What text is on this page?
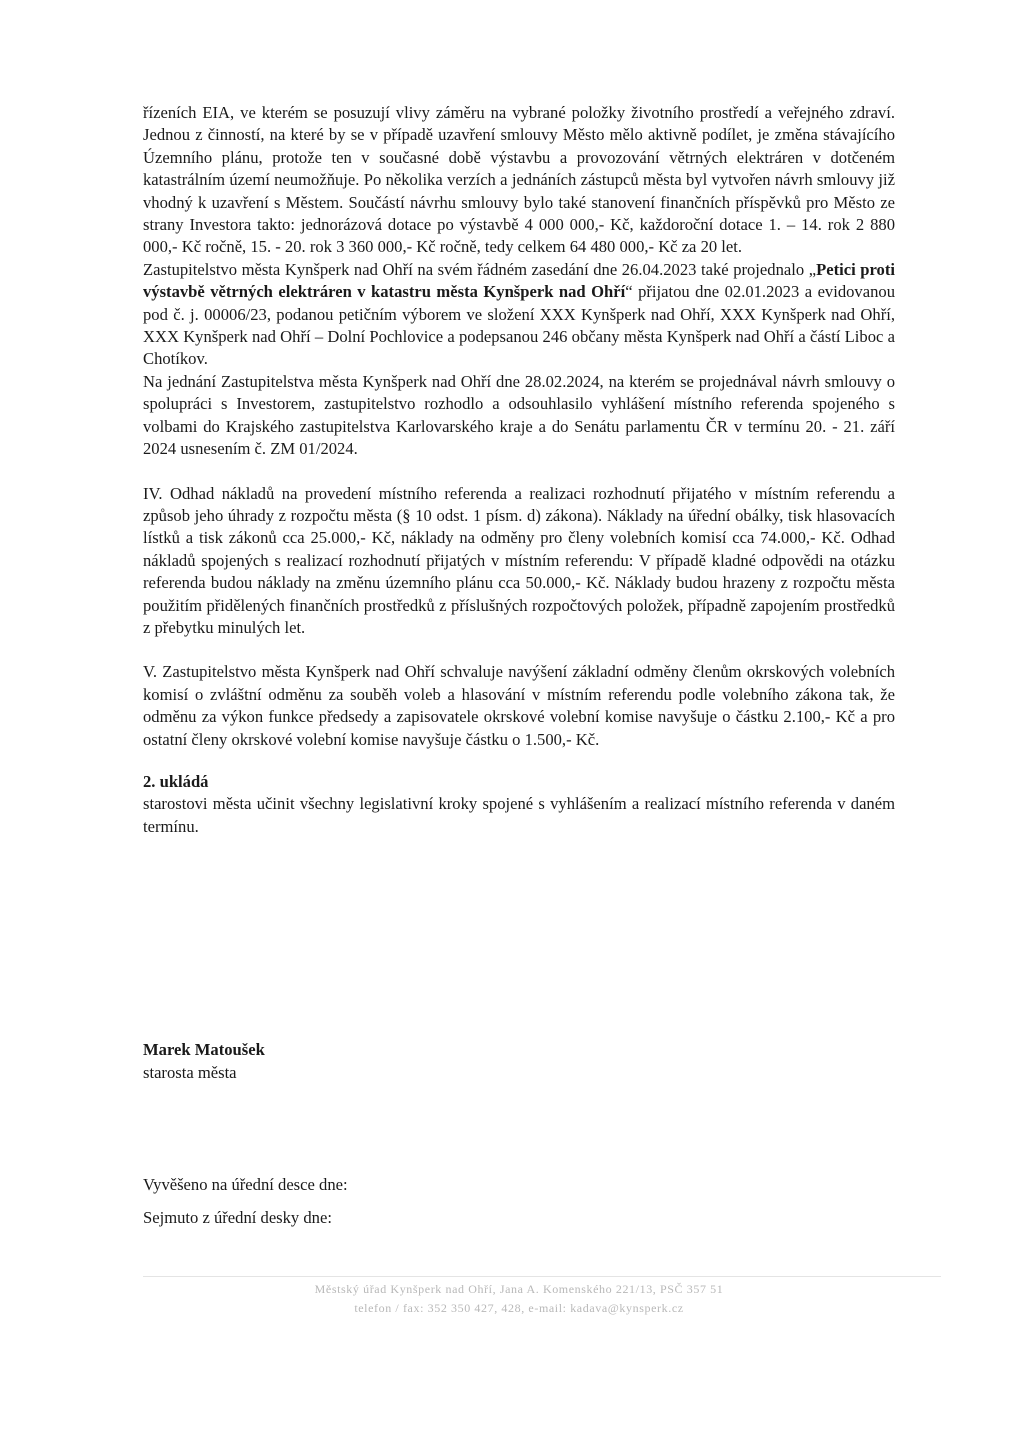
řízeních EIA, ve kterém se posuzují vlivy záměru na vybrané položky životního prostředí a veřejného zdraví. Jednou z činností, na které by se v případě uzavření smlouvy Město mělo aktivně podílet, je změna stávajícího Územního plánu, protože ten v současné době výstavbu a provozování větrných elektráren v dotčeném katastrálním území neumožňuje. Po několika verzích a jednáních zástupců města byl vytvořen návrh smlouvy již vhodný k uzavření s Městem. Součástí návrhu smlouvy bylo také stanovení finančních příspěvků pro Město ze strany Investora takto: jednorázová dotace po výstavbě 4 000 000,- Kč, každoroční dotace 1. – 14. rok 2 880 000,- Kč ročně, 15. - 20. rok 3 360 000,- Kč ročně, tedy celkem 64 480 000,- Kč za 20 let.

Zastupitelstvo města Kynšperk nad Ohří na svém řádném zasedání dne 26.04.2023 také projednalo „Petici proti výstavbě větrných elektráren v katastru města Kynšperk nad Ohří“ přijatou dne 02.01.2023 a evidovanou pod č. j. 00006/23, podanou petičním výborem ve složení XXX Kynšperk nad Ohří, XXX Kynšperk nad Ohří, XXX Kynšperk nad Ohří – Dolní Pochlovice a podepsanou 246 občany města Kynšperk nad Ohří a částí Liboc a Chotíkov.

Na jednání Zastupitelstva města Kynšperk nad Ohří dne 28.02.2024, na kterém se projednával návrh smlouvy o spolupráci s Investorem, zastupitelstvo rozhodlo a odsouhlasilo vyhlášení místního referenda spojeného s volbami do Krajského zastupitelstva Karlovarského kraje a do Senátu parlamentu ČR v termínu 20. - 21. září 2024 usnesením č. ZM 01/2024.

IV. Odhad nákladů na provedení místního referenda a realizaci rozhodnutí přijatého v místním referendu a způsob jeho úhrady z rozpočtu města (§ 10 odst. 1 písm. d) zákona). Náklady na úřední obálky, tisk hlasovacích lístků a tisk zákonů cca 25.000,- Kč, náklady na odměny pro členy volebních komisí cca 74.000,- Kč. Odhad nákladů spojených s realizací rozhodnutí přijatých v místním referendu: V případě kladné odpovědi na otázku referenda budou náklady na změnu územního plánu cca 50.000,- Kč. Náklady budou hrazeny z rozpočtu města použitím přidělených finančních prostředků z příslušných rozpočtových položek, případně zapojením prostředků z přebytku minulých let.

V. Zastupitelstvo města Kynšperk nad Ohří schvaluje navýšení základní odměny členům okrskových volebních komisí o zvláštní odměnu za souběh voleb a hlasování v místním referendu podle volebního zákona tak, že odměnu za výkon funkce předsedy a zapisovatele okrskové volební komise navyšuje o částku 2.100,- Kč a pro ostatní členy okrskové volební komise navyšuje částku o 1.500,- Kč.

2. ukládá

starostovi města učinit všechny legislativní kroky spojené s vyhlášením a realizací místního referenda v daném termínu.

Marek Matoušek
starosta města
Vyvěšeno na úřední desce dne:
Sejmuto z úřední desky dne:
Městský úřad Kynšperk nad Ohří, Jana A. Komenského 221/13, PSČ 357 51
telefon / fax: 352 350 427, 428, e-mail: kadava@kynsperk.cz
